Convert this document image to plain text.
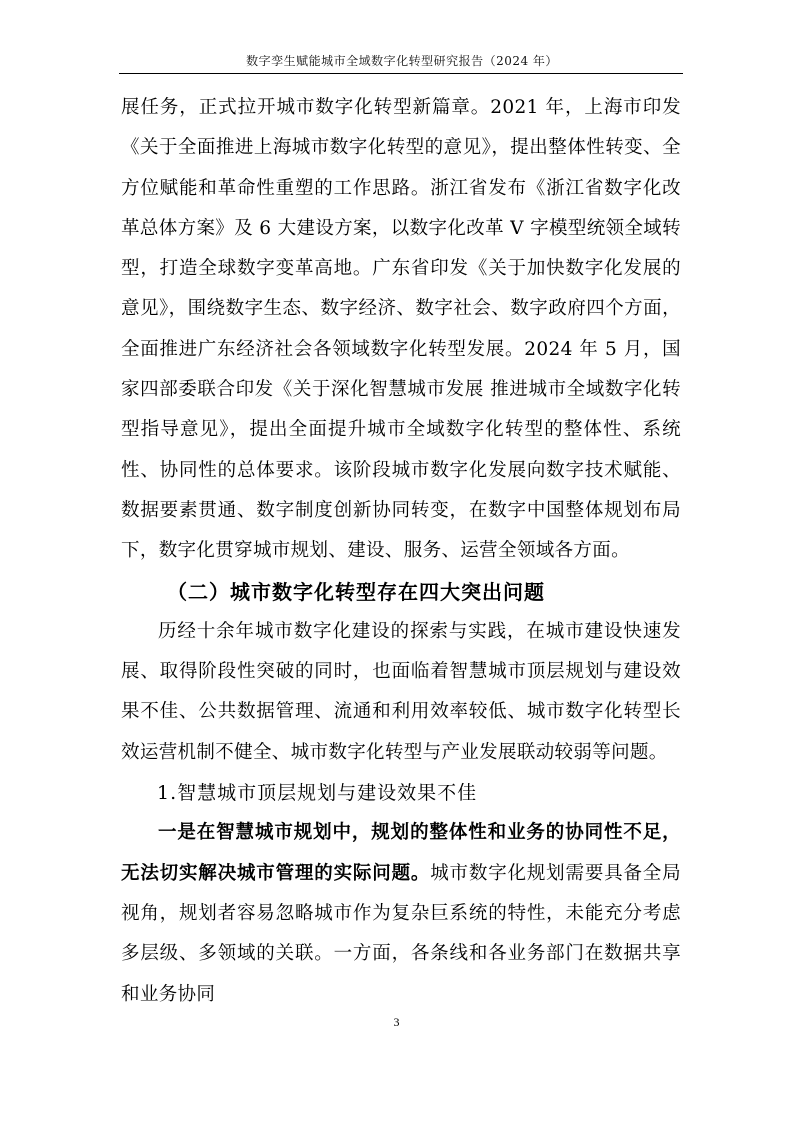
数字孪生赋能城市全域数字化转型研究报告（2024 年）

展任务，正式拉开城市数字化转型新篇章。2021 年，上海市印发《关于全面推进上海城市数字化转型的意见》，提出整体性转变、全方位赋能和革命性重塑的工作思路。浙江省发布《浙江省数字化改革总体方案》及 6 大建设方案，以数字化改革 V 字模型统领全域转型，打造全球数字变革高地。广东省印发《关于加快数字化发展的意见》，围绕数字生态、数字经济、数字社会、数字政府四个方面，全面推进广东经济社会各领域数字化转型发展。2024 年 5 月，国家四部委联合印发《关于深化智慧城市发展 推进城市全域数字化转型指导意见》，提出全面提升城市全域数字化转型的整体性、系统性、协同性的总体要求。该阶段城市数字化发展向数字技术赋能、数据要素贯通、数字制度创新协同转变，在数字中国整体规划布局下，数字化贯穿城市规划、建设、服务、运营全领域各方面。

（二）城市数字化转型存在四大突出问题

历经十余年城市数字化建设的探索与实践，在城市建设快速发展、取得阶段性突破的同时，也面临着智慧城市顶层规划与建设效果不佳、公共数据管理、流通和利用效率较低、城市数字化转型长效运营机制不健全、城市数字化转型与产业发展联动较弱等问题。

1.智慧城市顶层规划与建设效果不佳

一是在智慧城市规划中，规划的整体性和业务的协同性不足，无法切实解决城市管理的实际问题。城市数字化规划需要具备全局视角，规划者容易忽略城市作为复杂巨系统的特性，未能充分考虑多层级、多领域的关联。一方面，各条线和各业务部门在数据共享和业务协同

3
